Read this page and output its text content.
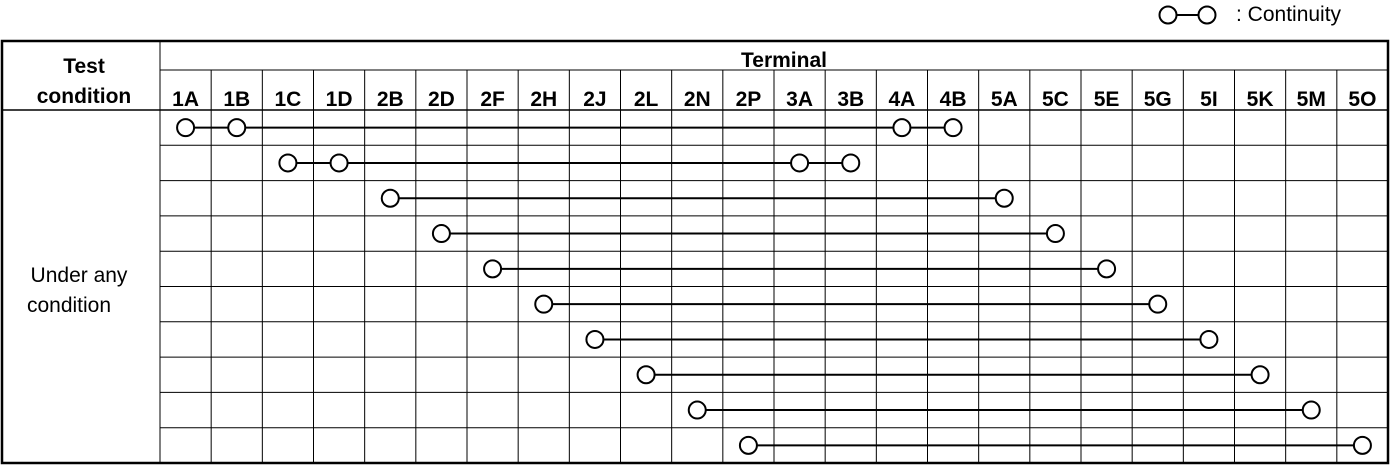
: Continuity
Test
condition
Terminal
Under any
condition
1A 1B 1C 1D 2B 2D 2F 2H 2J 2L 2N 2P 3A 3B 4A 4B 5A 5C 5E 5G 5I 5K 5M 5O
